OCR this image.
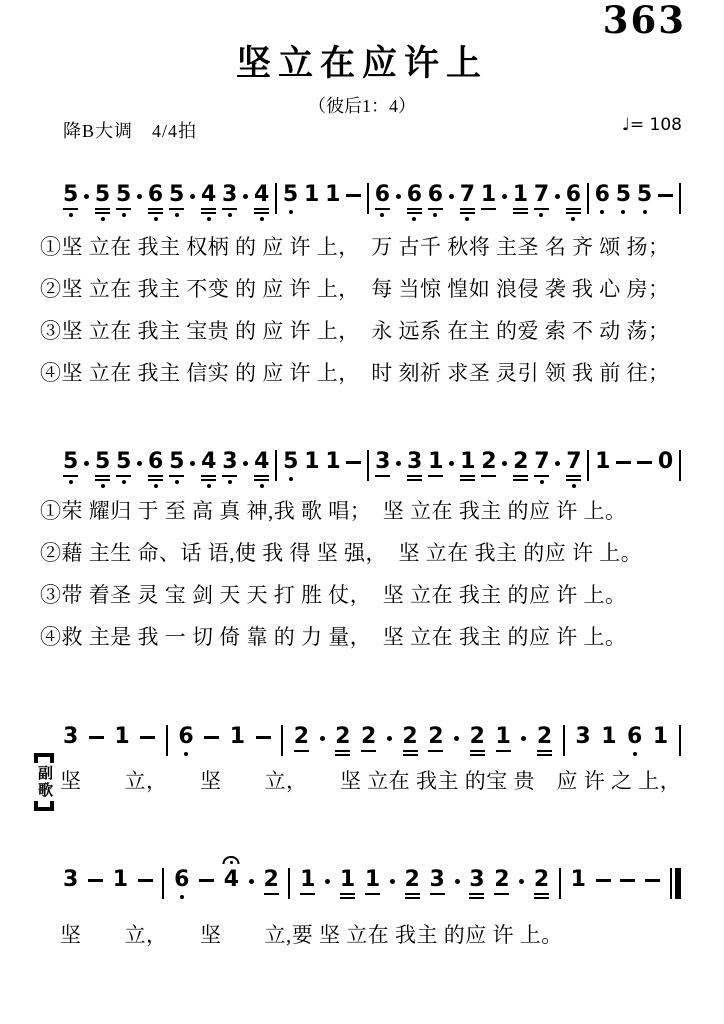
363
坚立在应许上
（彼后1：4）
降B大调　4/4拍	♩= 108
5 5 5 6 5 4 3 4 5 1 1 6 6 6 7 1 1 7 6 6 5 5
①坚 立在 我主 权柄 的 应 许 上，  万 古千 秋将 主圣 名 齐 颂 扬；
②坚 立在 我主 不变 的 应 许 上，  每 当惊 惶如 浪侵 袭 我 心 房；
③坚 立在 我主 宝贵 的 应 许 上，  永 远系 在主 的爱 索 不 动 荡；
④坚 立在 我主 信实 的 应 许 上，  时 刻祈 求圣 灵引 领 我 前 往；
5 5 5 6 5 4 3 4 5 1 1 3 3 1 1 2 2 7 7 1 0
①荣 耀归 于 至 高 真 神,我 歌 唱；  坚 立在 我主 的应 许 上。
②藉 主生 命、话 语,使 我 得 坚 强，  坚 立在 我主 的应 许 上。
③带 着圣 灵 宝 剑 天 天 打 胜 仗，  坚 立在 我主 的应 许 上。
④救 主是 我 一 切 倚 靠 的 力 量，  坚 立在 我主 的应 许 上。
3 1 6 1 2 2 2 2 2 2 1 2 3 1 6 1
副歌 坚　　立，　　坚　　立，　　坚 立在 我主 的宝 贵　应 许 之 上，
3 1 6 4 2 1 1 1 2 3 3 2 2 1
坚　　立，　　坚　　立,要 坚 立在 我主 的应 许 上。
